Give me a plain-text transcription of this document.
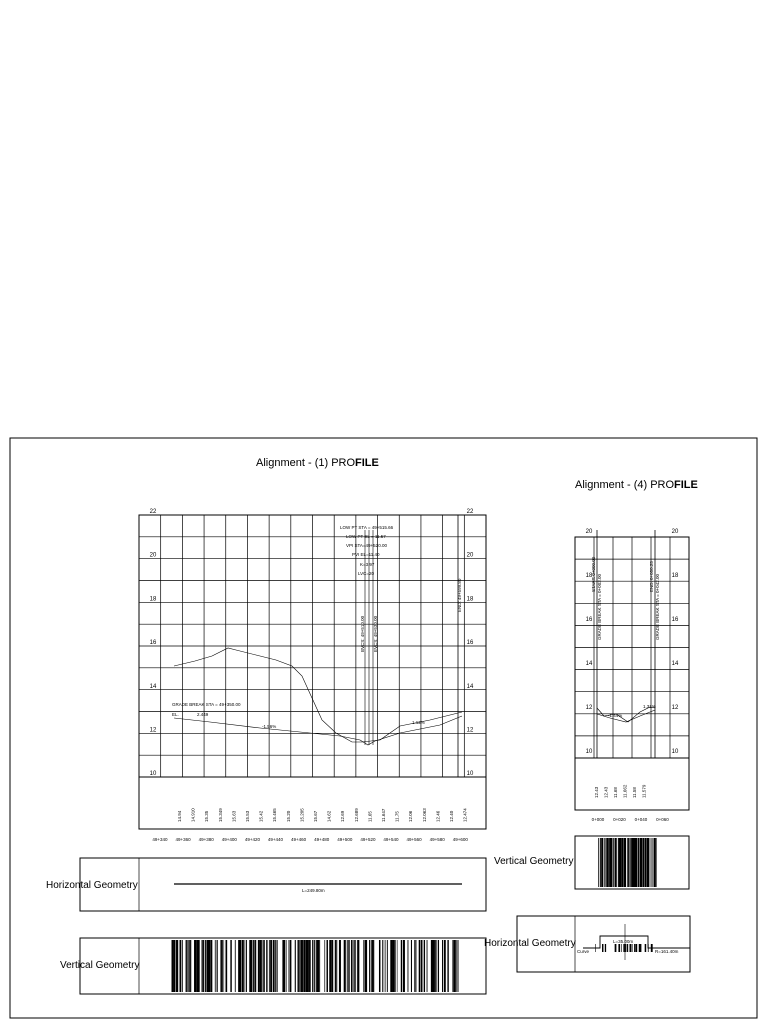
Alignment - (1) PROFILE
22
20
18
16
14
12
10
22
20
18
16
14
12
10
14.94 14.910 15.35 15.349 15.63 15.53 15.42 15.465 15.20 15.205 15.67 14.62 12.69 12.689 11.65 11.647 11.75 12.06 12.063 12.46 12.40 12.474
49+340 49+360 49+380 49+400 49+420 49+440 49+460 49+480 49+500 49+520 49+540 49+560 49+580 49+600
LOW PT STA = 49+515.66
LOW PT EL = 11.57
VPI STA=49+520.00
PVI EL=11.40
K=3.97
LVC=20
BVCS: 49+510.00 EVCS: 49+530.00
END: 49+599.80
GRADE BREAK STA = 49+350.00
EL.	2.449
-1.56%
1.12%
Horizontal Geometry	L=249.80m
Vertical Geometry
Alignment - (4) PROFILE
20
18
16
14
12
10
20
18
16
14
12
10
12.43 12.43 11.68 11.662 11.58 11.579
0+000 0+020 0+040 0+060
START: 0+000.00	END: 0+050.25
GRADE BREAK STA = 0+003.00	GRADE BREAK STA = 0+042.00
-1.44%
1.31%
Vertical Geometry
Horizontal Geometry	L=35.00m
Curve	R=161.40m
